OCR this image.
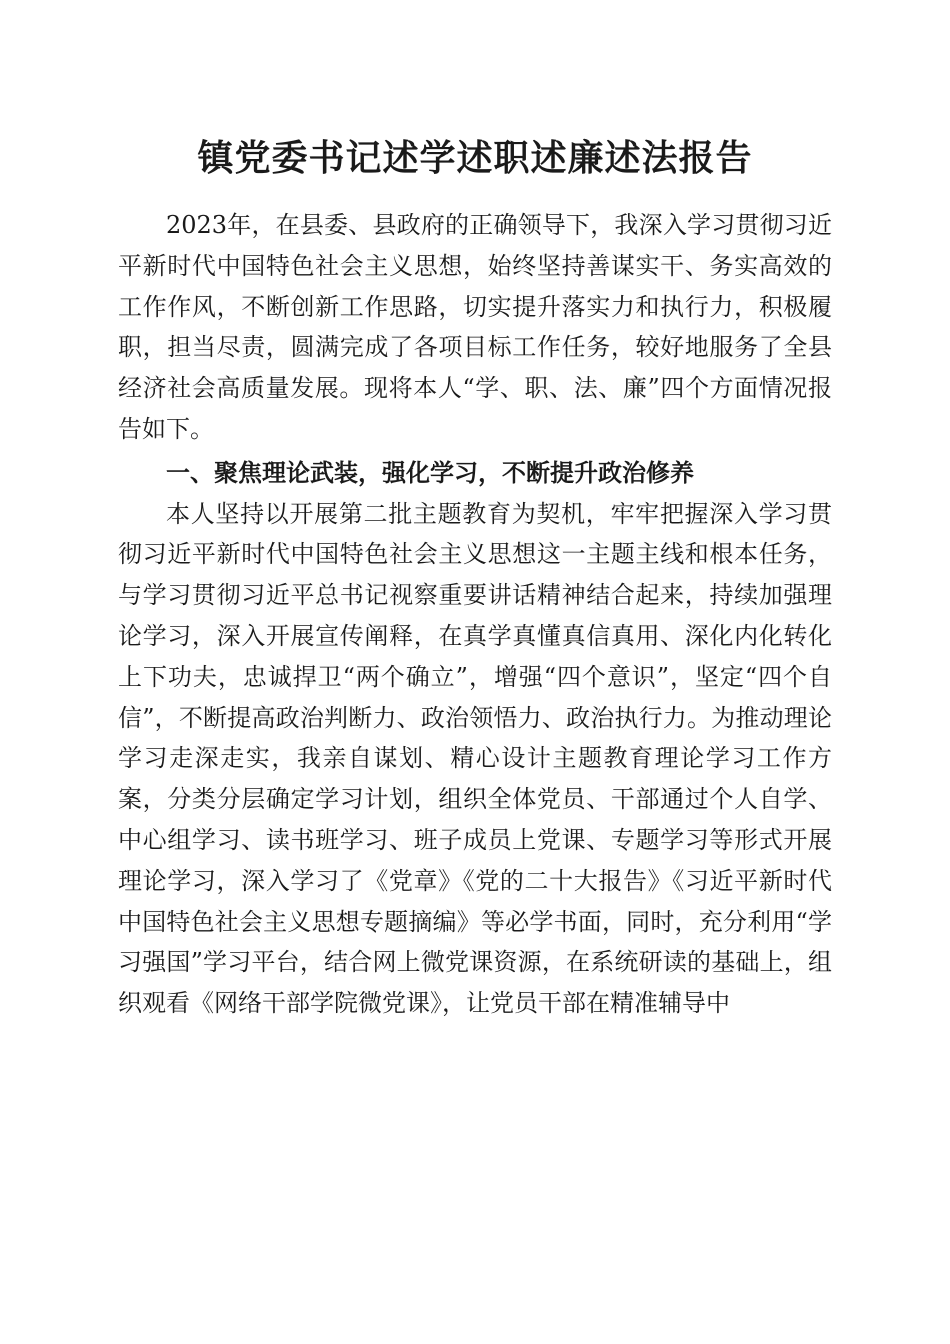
镇党委书记述学述职述廉述法报告

2023年，在县委、县政府的正确领导下，我深入学习贯彻习近平新时代中国特色社会主义思想，始终坚持善谋实干、务实高效的工作作风，不断创新工作思路，切实提升落实力和执行力，积极履职，担当尽责，圆满完成了各项目标工作任务，较好地服务了全县经济社会高质量发展。现将本人“学、职、法、廉”四个方面情况报告如下。

一、聚焦理论武装，强化学习，不断提升政治修养

本人坚持以开展第二批主题教育为契机，牢牢把握深入学习贯彻习近平新时代中国特色社会主义思想这一主题主线和根本任务，与学习贯彻习近平总书记视察重要讲话精神结合起来，持续加强理论学习，深入开展宣传阐释，在真学真懂真信真用、深化内化转化上下功夫，忠诚捍卫“两个确立”，增强“四个意识”，坚定“四个自信”，不断提高政治判断力、政治领悟力、政治执行力。为推动理论学习走深走实，我亲自谋划、精心设计主题教育理论学习工作方案，分类分层确定学习计划，组织全体党员、干部通过个人自学、中心组学习、读书班学习、班子成员上党课、专题学习等形式开展理论学习，深入学习了《党章》《党的二十大报告》《习近平新时代中国特色社会主义思想专题摘编》等必学书面，同时，充分利用“学习强国”学习平台，结合网上微党课资源，在系统研读的基础上，组织观看《网络干部学院微党课》，让党员干部在精准辅导中
